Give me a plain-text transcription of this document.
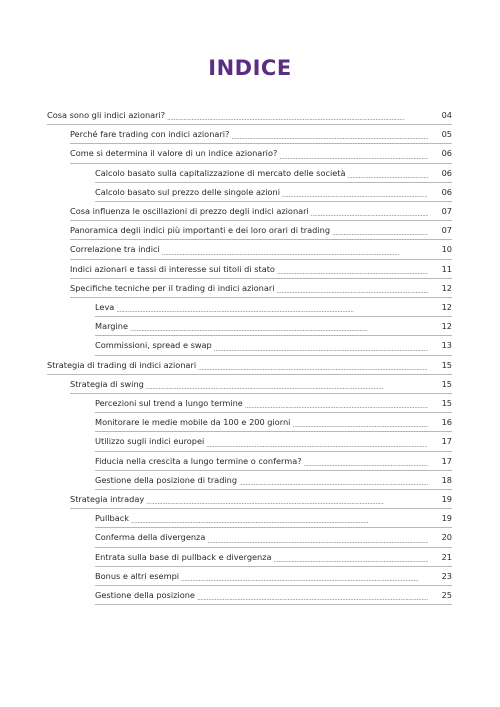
INDICE
Cosa sono gli indici azionari? . . .	04
Perché fare trading con indici azionari? . . .	05
Come si determina il valore di un indice azionario? . . .	06
Calcolo basato sulla capitalizzazione di mercato delle società . . .	06
Calcolo basato sul prezzo delle singole azioni . . .	06
Cosa influenza le oscillazioni di prezzo degli indici azionari . . .	07
Panoramica degli indici più importanti e dei loro orari di trading . . .	07
Correlazione tra indici . . .	10
Indici azionari e tassi di interesse sui titoli di stato . . .	11
Specifiche tecniche per il trading di indici azionari . . .	12
Leva . . .	12
Margine . . .	12
Commissioni, spread e swap . . .	13
Strategia di trading di indici azionari . . .	15
Strategia di swing . . .	15
Percezioni sul trend a lungo termine . . .	15
Monitorare le medie mobile da 100 e 200 giorni . . .	16
Utilizzo sugli indici europei . . .	17
Fiducia nella crescita a lungo termine o conferma? . . .	17
Gestione della posizione di trading . . .	18
Strategia intraday . . .	19
Pullback . . .	19
Conferma della divergenza . . .	20
Entrata sulla base di pullback e divergenza . . .	21
Bonus e altri esempi . . .	23
Gestione della posizione . . .	25
